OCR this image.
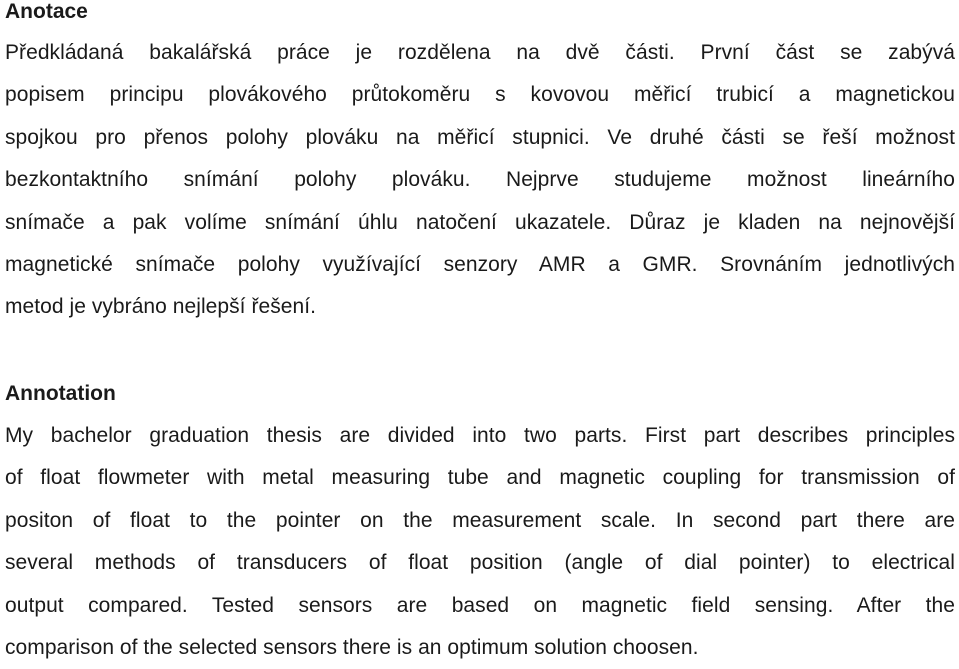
Anotace
Předkládaná bakalářská práce je rozdělena na dvě části. První část se zabývá
popisem principu plovákového průtokoměru s kovovou měřicí trubicí a magnetickou
spojkou pro přenos polohy plováku na měřicí stupnici. Ve druhé části se řeší možnost
bezkontaktního snímání polohy plováku. Nejprve studujeme možnost lineárního
snímače a pak volíme snímání úhlu natočení ukazatele. Důraz je kladen na nejnovější
magnetické snímače polohy využívající senzory AMR a GMR. Srovnáním jednotlivých
metod je vybráno nejlepší řešení.
Annotation
My bachelor graduation thesis are divided into two parts. First part describes principles
of float flowmeter with metal measuring tube and magnetic coupling for transmission of
positon of float to the pointer on the measurement scale. In second part there are
several methods of transducers of float position (angle of dial pointer) to electrical
output compared. Tested sensors are based on magnetic field sensing. After the
comparison of the selected sensors there is an optimum solution choosen.
